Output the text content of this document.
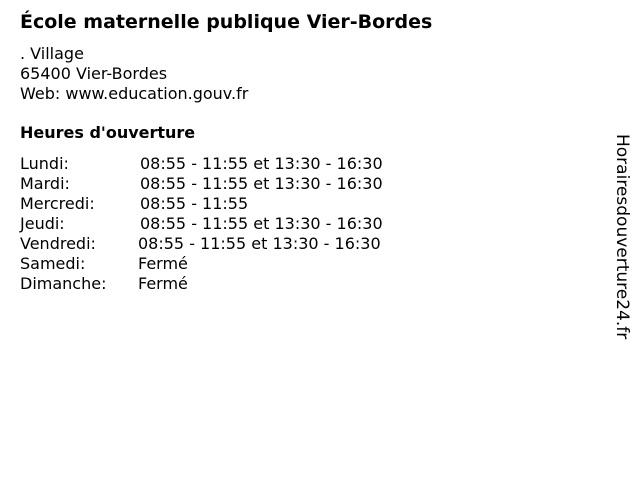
École maternelle publique Vier-Bordes
. Village
65400 Vier-Bordes
Web: www.education.gouv.fr
Heures d'ouverture
Lundi:	08:55 - 11:55 et 13:30 - 16:30
Mardi:	08:55 - 11:55 et 13:30 - 16:30
Mercredi:	08:55 - 11:55
Jeudi:	08:55 - 11:55 et 13:30 - 16:30
Vendredi:	08:55 - 11:55 et 13:30 - 16:30
Samedi:	Fermé
Dimanche: Fermé	Horairesdouverture24.fr
